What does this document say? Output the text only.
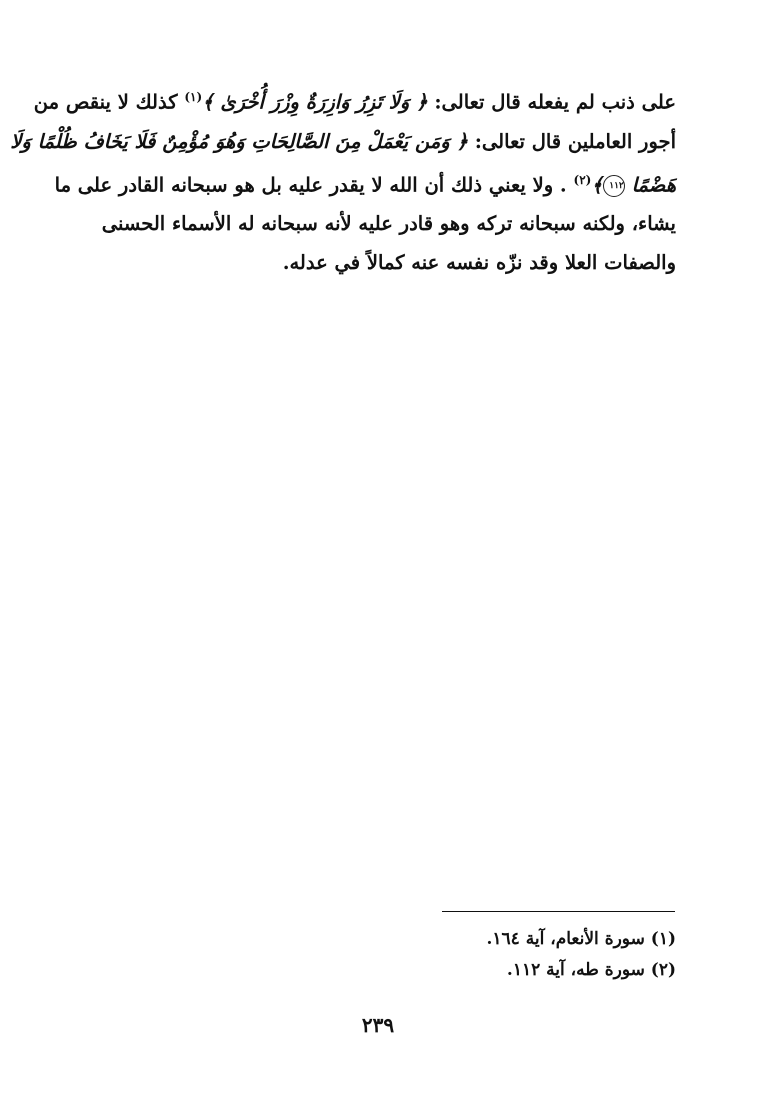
على ذنب لم يفعله قال تعالى: ﴿ وَلَا تَزِرُ وَازِرَةٌ وِزْرَ أُخْرَىٰ ﴾$^{(١)}$ كذلك لا ينقص من
أجور العاملين قال تعالى: ﴿ وَمَن يَعْمَلْ مِنَ الصَّالِحَاتِ وَهُوَ مُؤْمِنٌ فَلَا يَخَافُ ظُلْمًا وَلَا
هَضْمًا ١١٢﴾$^{(٢)}$ . ولا يعني ذلك أن الله لا يقدر عليه بل هو سبحانه القادر على ما
يشاء، ولكنه سبحانه تركه وهو قادر عليه لأنه سبحانه له الأسماء الحسنى
والصفات العلا وقد نزّه نفسه عنه كمالاً في عدله.
(١) سورة الأنعام، آية ١٦٤.
(٢) سورة طه، آية ١١٢.
٢٣٩
